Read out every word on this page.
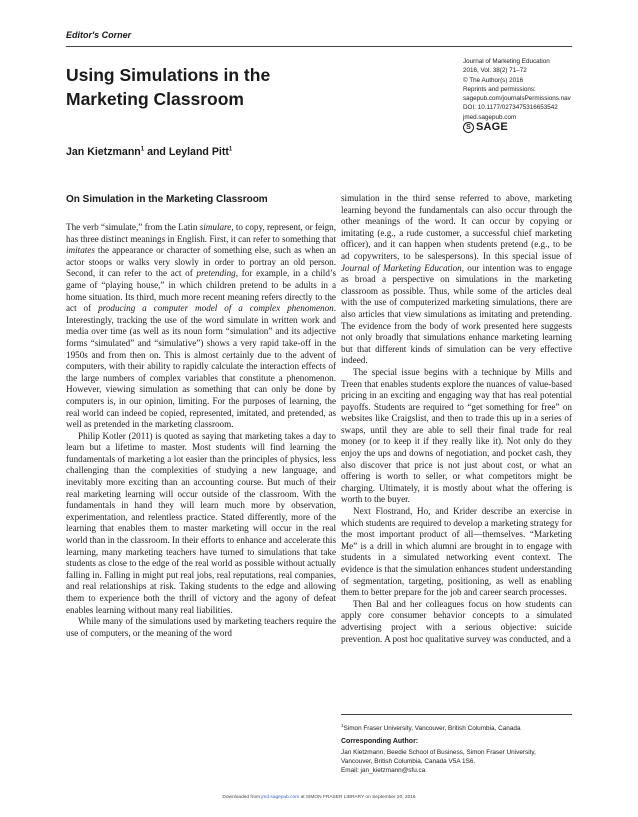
Editor's Corner
Using Simulations in the Marketing Classroom
Journal of Marketing Education
2016, Vol. 38(2) 71–72
© The Author(s) 2016
Reprints and permissions:
sagepub.com/journalsPermissions.nav
DOI: 10.1177/0273475316653542
jmed.sagepub.com
S SAGE
Jan Kietzmann$^1$ and Leyland Pitt$^1$
On Simulation in the Marketing Classroom

The verb “simulate,” from the Latin simulare, to copy, represent, or feign, has three distinct meanings in English. First, it can refer to something that imitates the appearance or character of something else, such as when an actor stoops or walks very slowly in order to portray an old person. Second, it can refer to the act of pretending, for example, in a child’s game of “playing house,” in which children pretend to be adults in a home situation. Its third, much more recent meaning refers directly to the act of producing a computer model of a complex phenomenon. Interestingly, tracking the use of the word simulate in written work and media over time (as well as its noun form “simulation” and its adjective forms “simulated” and “simulative”) shows a very rapid take-off in the 1950s and from then on. This is almost certainly due to the advent of computers, with their ability to rapidly calculate the interaction effects of the large numbers of complex variables that constitute a phenomenon. However, viewing simulation as something that can only be done by computers is, in our opinion, limiting. For the purposes of learning, the real world can indeed be copied, represented, imitated, and pretended, as well as pretended in the marketing classroom.

Philip Kotler (2011) is quoted as saying that marketing takes a day to learn but a lifetime to master. Most students will find learning the fundamentals of marketing a lot easier than the principles of physics, less challenging than the complexities of studying a new language, and inevitably more exciting than an accounting course. But much of their real marketing learning will occur outside of the classroom. With the fundamentals in hand they will learn much more by observation, experimentation, and relentless practice. Stated differently, more of the learning that enables them to master marketing will occur in the real world than in the classroom. In their efforts to enhance and accelerate this learning, many marketing teachers have turned to simulations that take students as close to the edge of the real world as possible without actually falling in. Falling in might put real jobs, real reputations, real companies, and real relationships at risk. Taking students to the edge and allowing them to experience both the thrill of victory and the agony of defeat enables learning without many real liabilities.

While many of the simulations used by marketing teachers require the use of computers, or the meaning of the word

simulation in the third sense referred to above, marketing learning beyond the fundamentals can also occur through the other meanings of the word. It can occur by copying or imitating (e.g., a rude customer, a successful chief marketing officer), and it can happen when students pretend (e.g., to be ad copywriters, to be salespersons). In this special issue of Journal of Marketing Education, our intention was to engage as broad a perspective on simulations in the marketing classroom as possible. Thus, while some of the articles deal with the use of computerized marketing simulations, there are also articles that view simulations as imitating and pretending. The evidence from the body of work presented here suggests not only broadly that simulations enhance marketing learning but that different kinds of simulation can be very effective indeed.

The special issue begins with a technique by Mills and Treen that enables students explore the nuances of value-based pricing in an exciting and engaging way that has real potential payoffs. Students are required to “get something for free” on websites like Craigslist, and then to trade this up in a series of swaps, until they are able to sell their final trade for real money (or to keep it if they really like it). Not only do they enjoy the ups and downs of negotiation, and pocket cash, they also discover that price is not just about cost, or what an offering is worth to seller, or what competitors might be charging. Ultimately, it is mostly about what the offering is worth to the buyer.

Next Flostrand, Ho, and Krider describe an exercise in which students are required to develop a marketing strategy for the most important product of all—themselves. “Marketing Me” is a drill in which alumni are brought in to engage with students in a simulated networking event context. The evidence is that the simulation enhances student understanding of segmentation, targeting, positioning, as well as enabling them to better prepare for the job and career search processes.

Then Bal and her colleagues focus on how students can apply core consumer behavior concepts to a simulated advertising project with a serious objective: suicide prevention. A post hoc qualitative survey was conducted, and a

$^1$Simon Fraser University, Vancouver, British Columbia, Canada
Corresponding Author:
Jan Kietzmann, Beedie School of Business, Simon Fraser University,
Vancouver, British Columbia, Canada V5A 1S6.
Email: jan_kietzmann@sfu.ca
Downloaded from jmd.sagepub.com at SIMON FRASER LIBRARY on September 20, 2016
